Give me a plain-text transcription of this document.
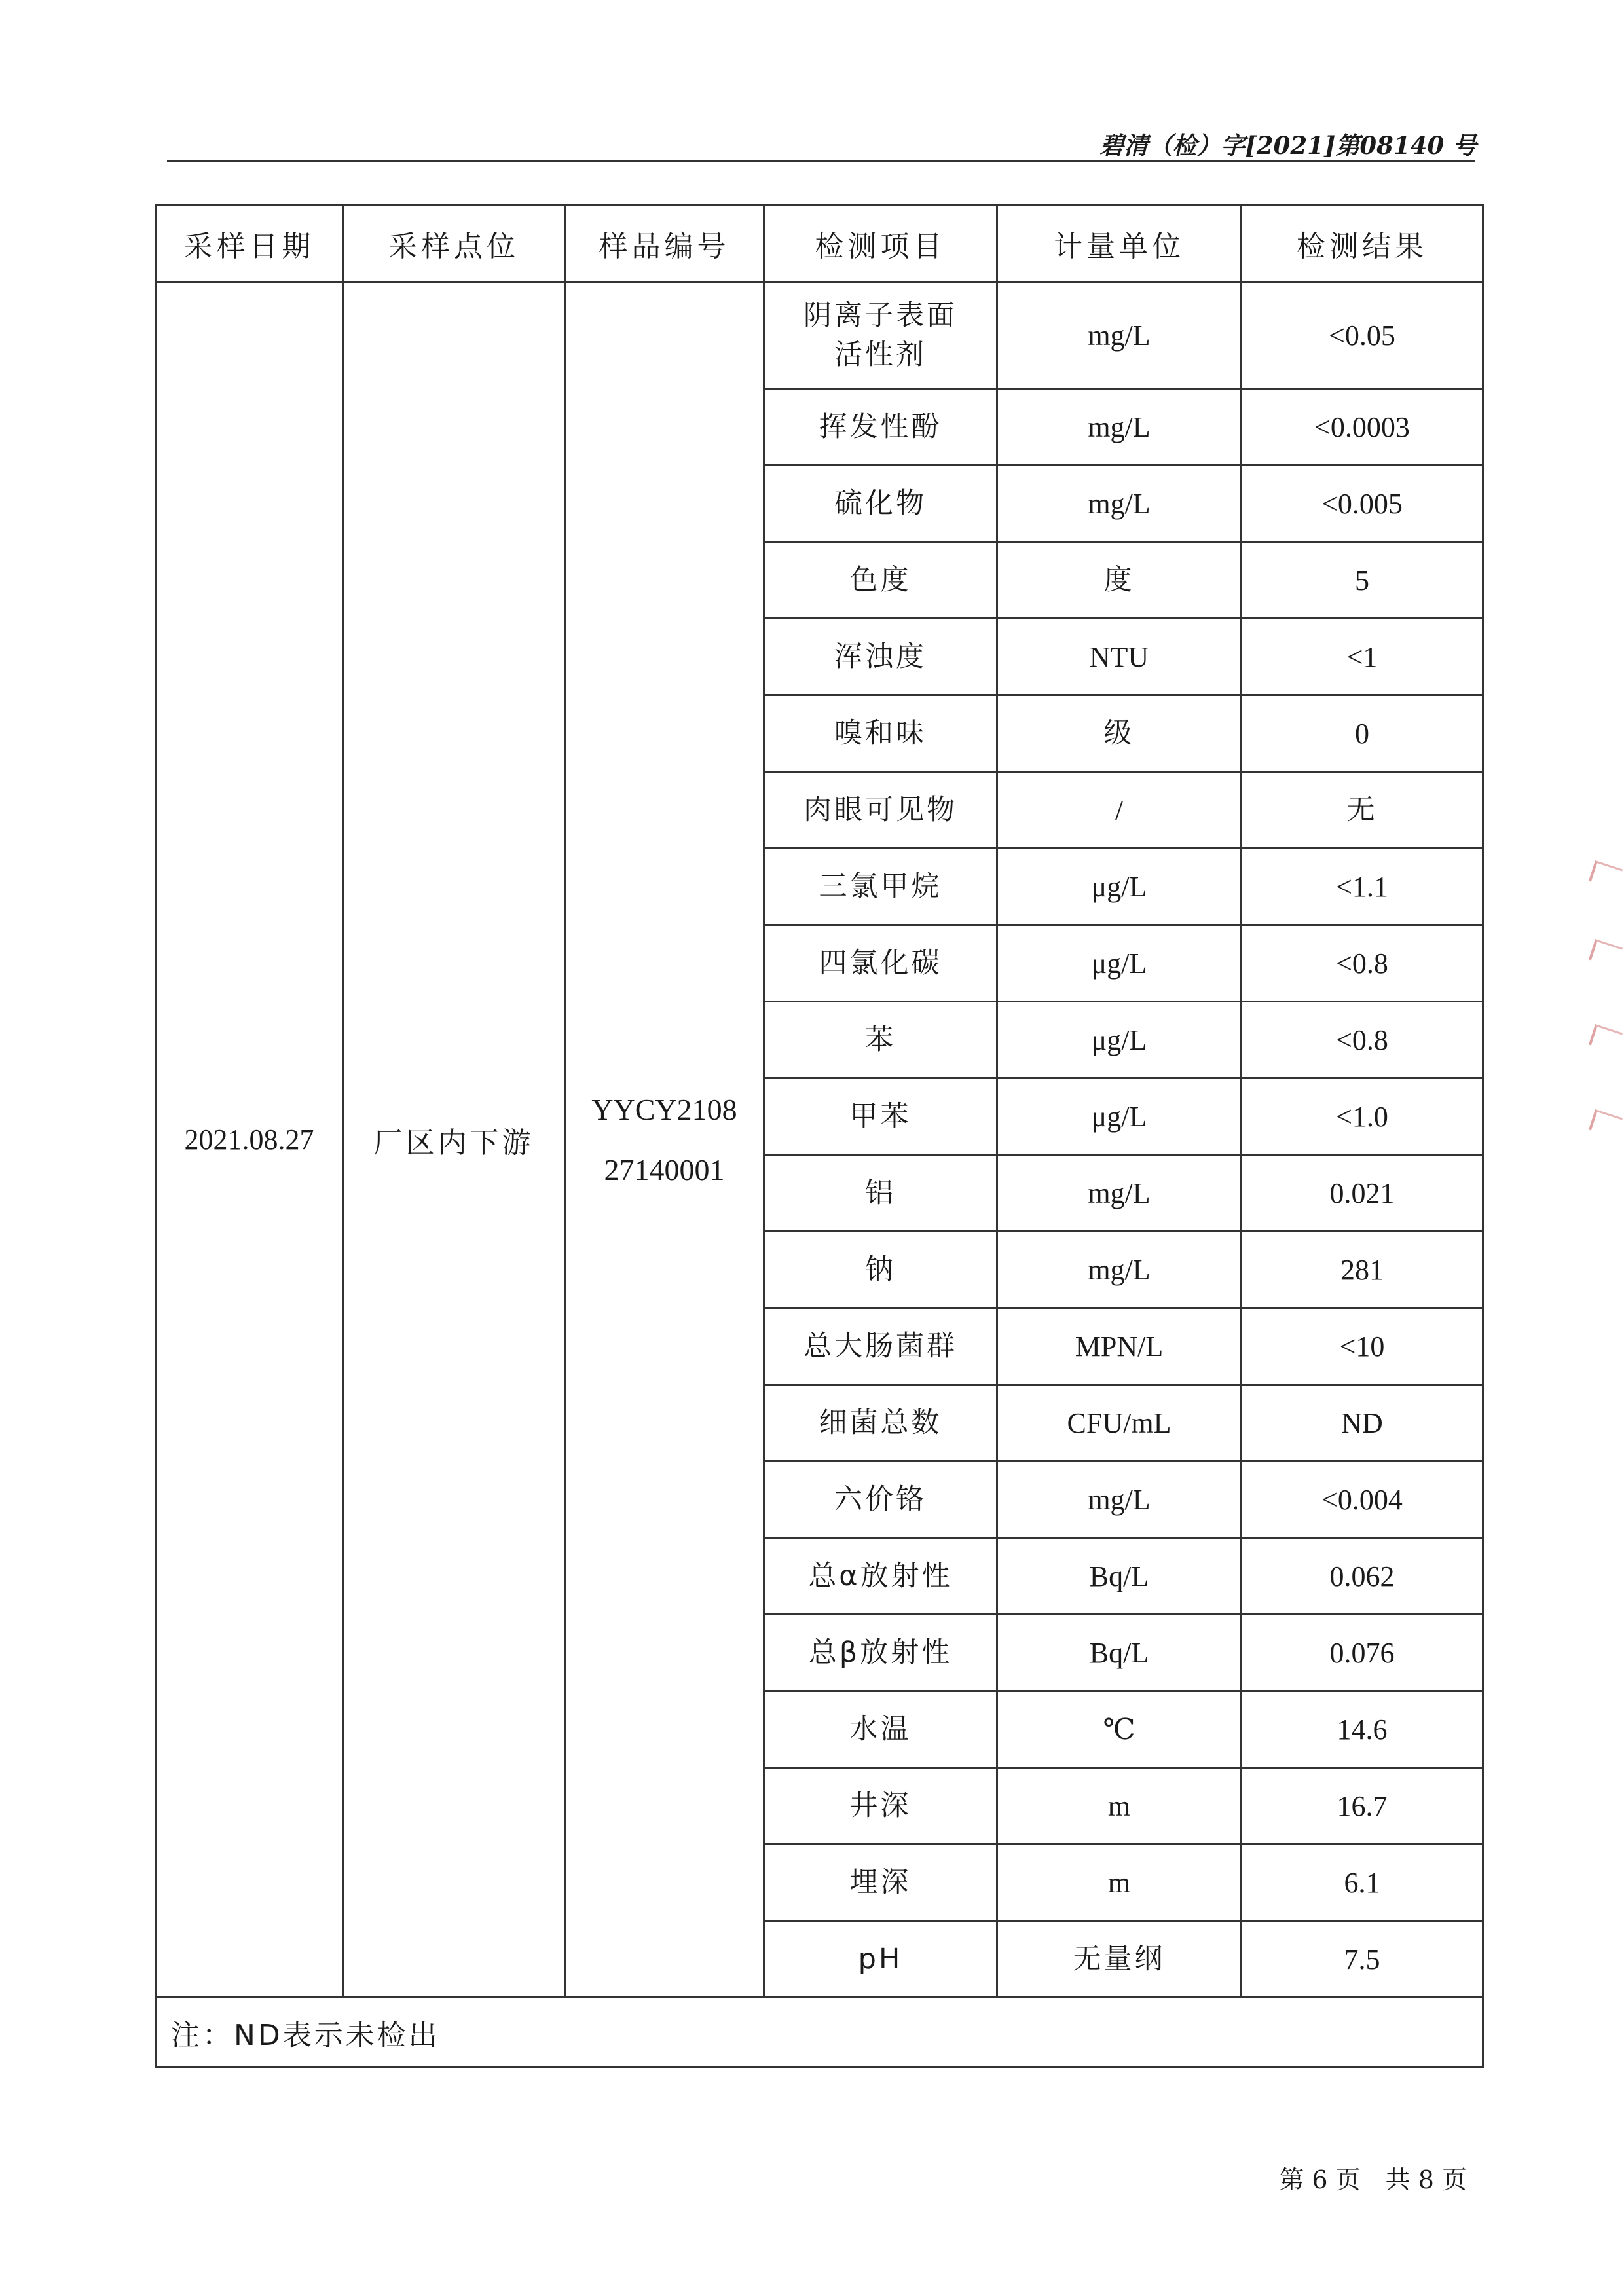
碧清（检）字[2021]第08140 号
采样日期	采样点位	样品编号	检测项目	计量单位	检测结果
2021.08.27	厂区内下游	YYCY2108 27140001	阴离子表面活性剂	mg/L	<0.05
			挥发性酚	mg/L	<0.0003
			硫化物	mg/L	<0.005
			色度	度	5
			浑浊度	NTU	<1
			嗅和味	级	0
			肉眼可见物	/	无
			三氯甲烷	μg/L	<1.1
			四氯化碳	μg/L	<0.8
			苯	μg/L	<0.8
			甲苯	μg/L	<1.0
			铝	mg/L	0.021
			钠	mg/L	281
			总大肠菌群	MPN/L	<10
			细菌总数	CFU/mL	ND
			六价铬	mg/L	<0.004
			总α放射性	Bq/L	0.062
			总β放射性	Bq/L	0.076
			水温	℃	14.6
			井深	m	16.7
			埋深	m	6.1
			pH	无量纲	7.5
注：ND表示未检出					
第 6 页　共 8 页
